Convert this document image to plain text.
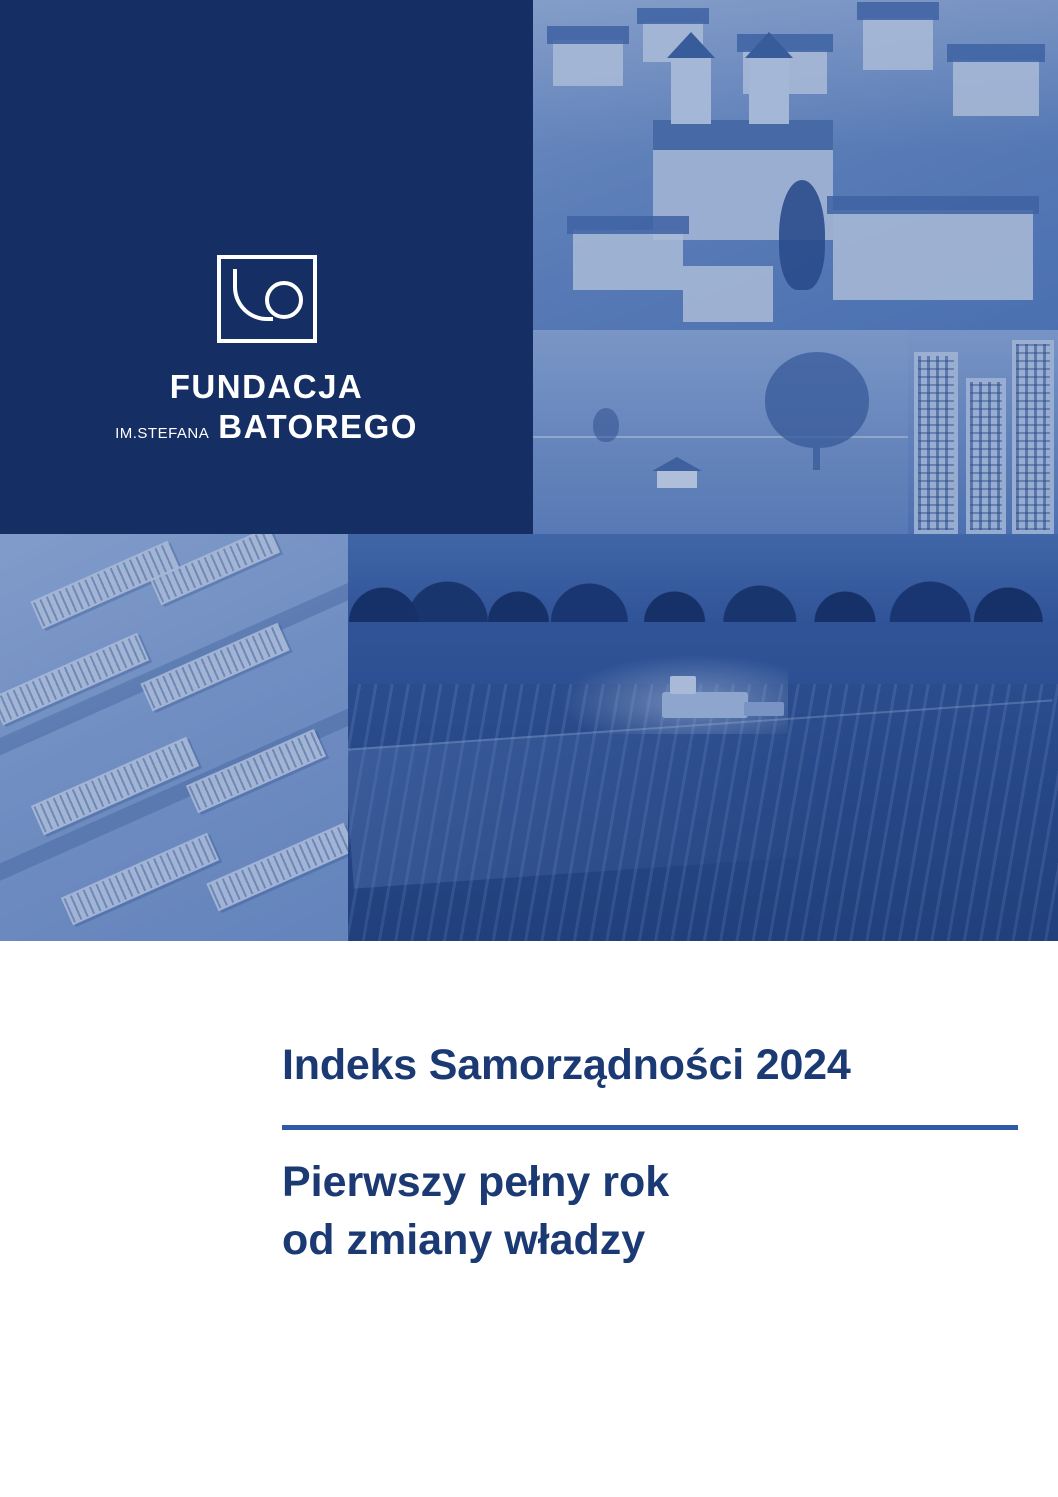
FUNDACJA
IM.STEFANA BATOREGO
Indeks Samorządności 2024
Pierwszy pełny rok
od zmiany władzy
